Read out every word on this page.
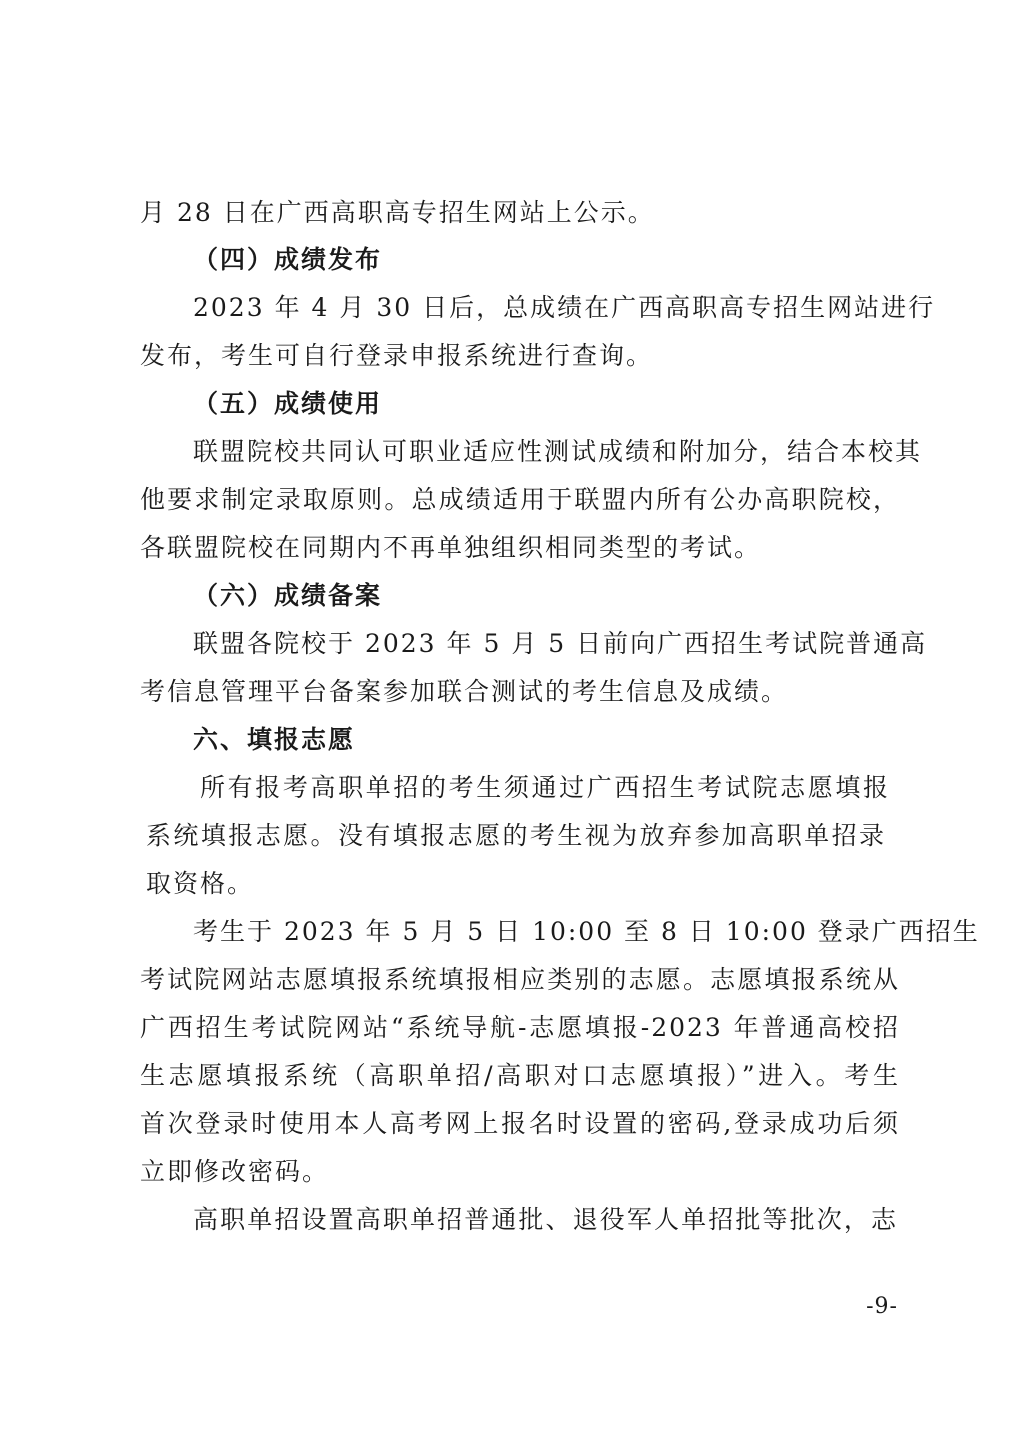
月 28 日在广西高职高专招生网站上公示。
（四）成绩发布
2023 年 4 月 30 日后，总成绩在广西高职高专招生网站进行
发布，考生可自行登录申报系统进行查询。
（五）成绩使用
联盟院校共同认可职业适应性测试成绩和附加分，结合本校其
他要求制定录取原则。总成绩适用于联盟内所有公办高职院校，
各联盟院校在同期内不再单独组织相同类型的考试。
（六）成绩备案
联盟各院校于 2023 年 5 月 5 日前向广西招生考试院普通高
考信息管理平台备案参加联合测试的考生信息及成绩。
六、填报志愿
所有报考高职单招的考生须通过广西招生考试院志愿填报
系统填报志愿。没有填报志愿的考生视为放弃参加高职单招录
取资格。
考生于 2023 年 5 月 5 日 10:00 至 8 日 10:00 登录广西招生
考试院网站志愿填报系统填报相应类别的志愿。志愿填报系统从
广西招生考试院网站“系统导航-志愿填报-2023 年普通高校招
生志愿填报系统（高职单招/高职对口志愿填报）”进入。考生
首次登录时使用本人高考网上报名时设置的密码,登录成功后须
立即修改密码。
高职单招设置高职单招普通批、退役军人单招批等批次，志
-9-
